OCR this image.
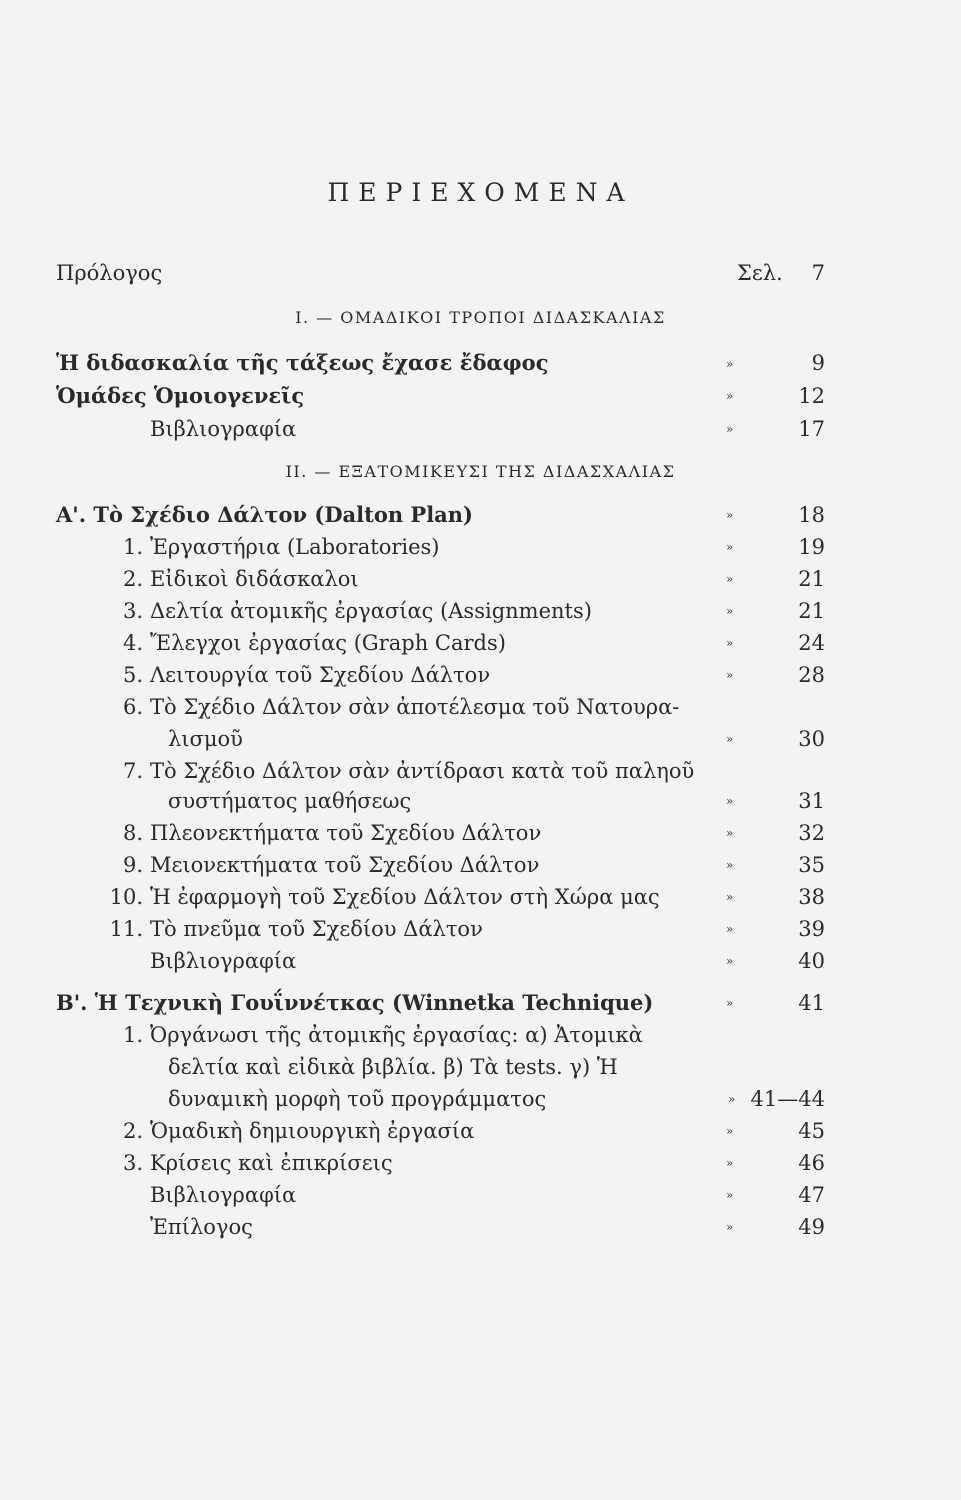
ΠΕΡΙΕΧΟΜΕΝΑ
Πρόλογος	Σελ. 7
I. — ΟΜΑΔΙΚΟΙ ΤΡΟΠΟΙ ΔΙΔΑΣΚΑΛΙΑΣ
Ἡ διδασκαλία τῆς τάξεως ἔχασε ἔδαφος	»	9
Ὁμάδες Ὁμοιογενεῖς	»	12
Βιβλιογραφία	»	17
II. — ΕΞΑΤΟΜΙΚΕΥΣΙ ΤΗΣ ΔΙΔΑΣΧΑΛΙΑΣ
Α'. Τὸ Σχέδιο Δάλτον (Dalton Plan)	»	18
1. Ἐργαστήρια (Laboratories)	»	19
2. Εἰδικοὶ διδάσκαλοι	»	21
3. Δελτία ἀτομικῆς ἐργασίας (Assignments)	»	21
4. Ἔλεγχοι ἐργασίας (Graph Cards)	»	24
5. Λειτουργία τοῦ Σχεδίου Δάλτον	»	28
6. Τὸ Σχέδιο Δάλτον σὰν ἀποτέλεσμα τοῦ Νατουρα-
λισμοῦ	»	30
7. Τὸ Σχέδιο Δάλτον σὰν ἀντίδρασι κατὰ τοῦ παληοῦ
συστήματος μαθήσεως	»	31
8. Πλεονεκτήματα τοῦ Σχεδίου Δάλτον	»	32
9. Μειονεκτήματα τοῦ Σχεδίου Δάλτον	»	35
10. Ἡ ἐφαρμογὴ τοῦ Σχεδίου Δάλτον στὴ Χώρα μας	»	38
11. Τὸ πνεῦμα τοῦ Σχεδίου Δάλτον	»	39
Βιβλιογραφία	»	40
Β'. Ἡ Τεχνικὴ Γουΐννέτκας (Winnetka Technique)	»	41
1. Ὀργάνωσι τῆς ἀτομικῆς ἐργασίας: α) Ἀτομικὰ
δελτία καὶ εἰδικὰ βιβλία. β) Τὰ tests. γ) Ἡ
δυναμικὴ μορφὴ τοῦ προγράμματος	41—44
»
2. Ὁμαδικὴ δημιουργικὴ ἐργασία	»	45
3. Κρίσεις καὶ ἐπικρίσεις	»	46
Βιβλιογραφία	»	47
Ἐπίλογος	»	49
